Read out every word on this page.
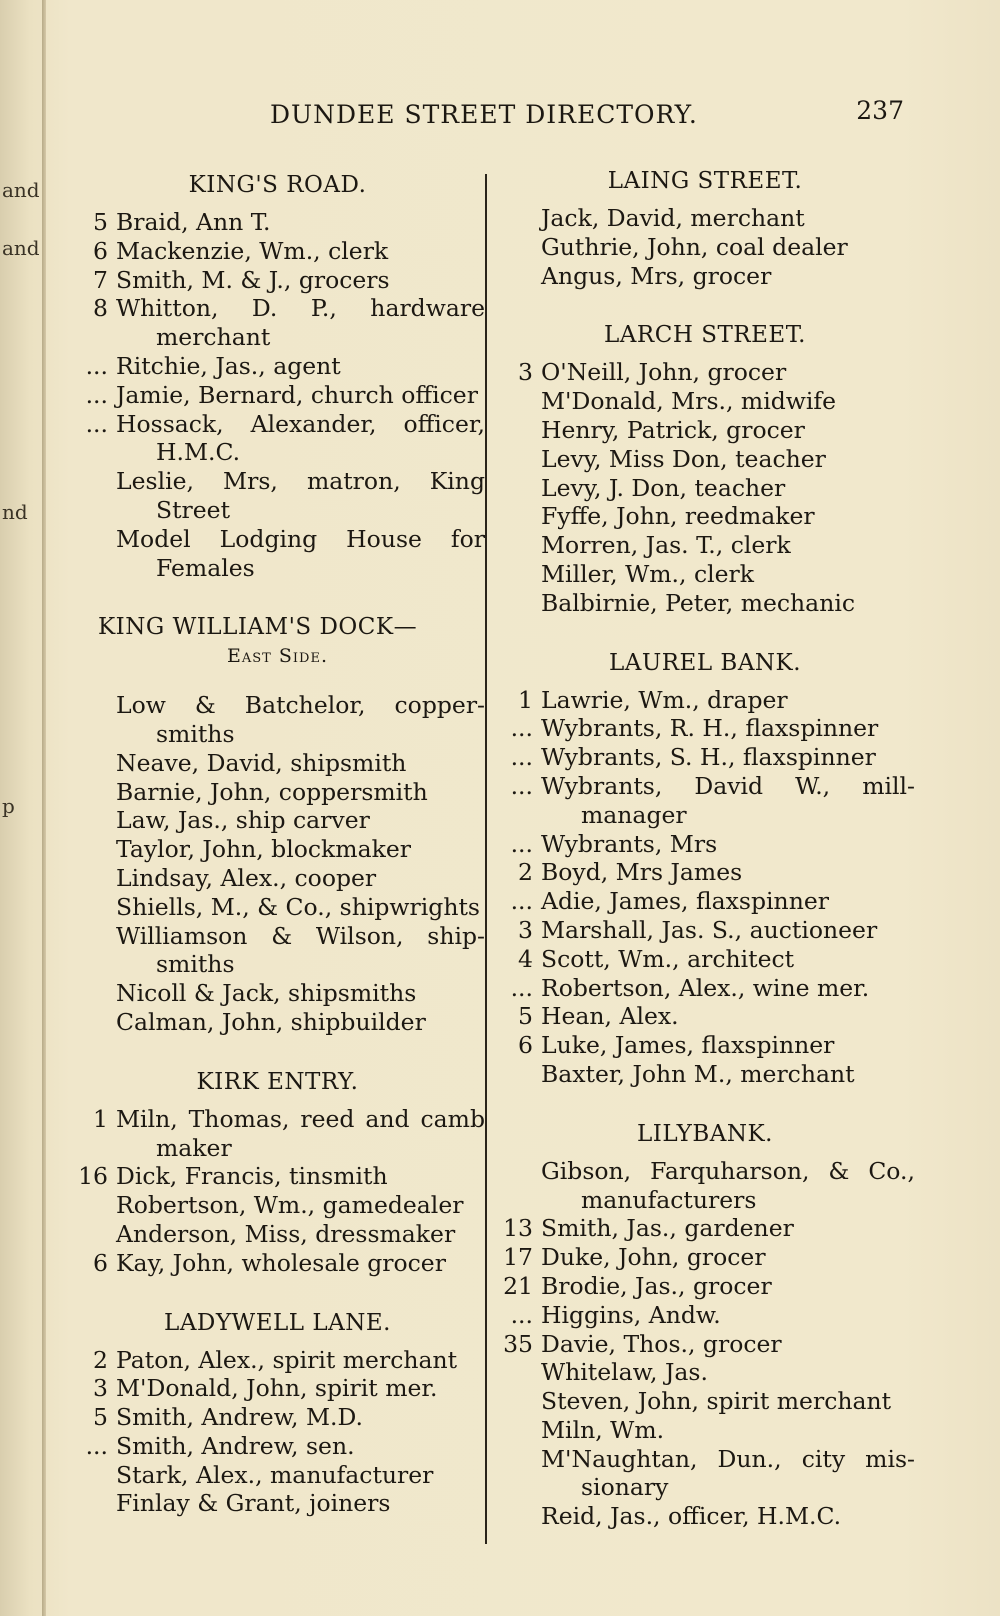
and
and
nd
p
DUNDEE STREET DIRECTORY.	237
KING'S ROAD.
5 Braid, Ann T.
6 Mackenzie, Wm., clerk
7 Smith, M. & J., grocers
8 Whitton, D. P., hardware merchant
... Ritchie, Jas., agent
... Jamie, Bernard, church officer
... Hossack, Alexander, officer, H.M.C.
Leslie, Mrs, matron, King Street
Model Lodging House for Females
KING WILLIAM'S DOCK—
East Side.
Low & Batchelor, copper-smiths
Neave, David, shipsmith
Barnie, John, coppersmith
Law, Jas., ship carver
Taylor, John, blockmaker
Lindsay, Alex., cooper
Shiells, M., & Co., shipwrights
Williamson & Wilson, ship-smiths
Nicoll & Jack, shipsmiths
Calman, John, shipbuilder
KIRK ENTRY.
1 Miln, Thomas, reed and camb maker
16 Dick, Francis, tinsmith
Robertson, Wm., gamedealer
Anderson, Miss, dressmaker
6 Kay, John, wholesale grocer
LADYWELL LANE.
2 Paton, Alex., spirit merchant
3 M'Donald, John, spirit mer.
5 Smith, Andrew, M.D.
... Smith, Andrew, sen.
Stark, Alex., manufacturer
Finlay & Grant, joiners
LAING STREET.
Jack, David, merchant
Guthrie, John, coal dealer
Angus, Mrs, grocer
LARCH STREET.
3 O'Neill, John, grocer
M'Donald, Mrs., midwife
Henry, Patrick, grocer
Levy, Miss Don, teacher
Levy, J. Don, teacher
Fyffe, John, reedmaker
Morren, Jas. T., clerk
Miller, Wm., clerk
Balbirnie, Peter, mechanic
LAUREL BANK.
1 Lawrie, Wm., draper
... Wybrants, R. H., flaxspinner
... Wybrants, S. H., flaxspinner
... Wybrants, David W., mill-manager
... Wybrants, Mrs
2 Boyd, Mrs James
... Adie, James, flaxspinner
3 Marshall, Jas. S., auctioneer
4 Scott, Wm., architect
... Robertson, Alex., wine mer.
5 Hean, Alex.
6 Luke, James, flaxspinner
Baxter, John M., merchant
LILYBANK.
Gibson, Farquharson, & Co., manufacturers
13 Smith, Jas., gardener
17 Duke, John, grocer
21 Brodie, Jas., grocer
... Higgins, Andw.
35 Davie, Thos., grocer
Whitelaw, Jas.
Steven, John, spirit merchant
Miln, Wm.
M'Naughtan, Dun., city mis-sionary
Reid, Jas., officer, H.M.C.
